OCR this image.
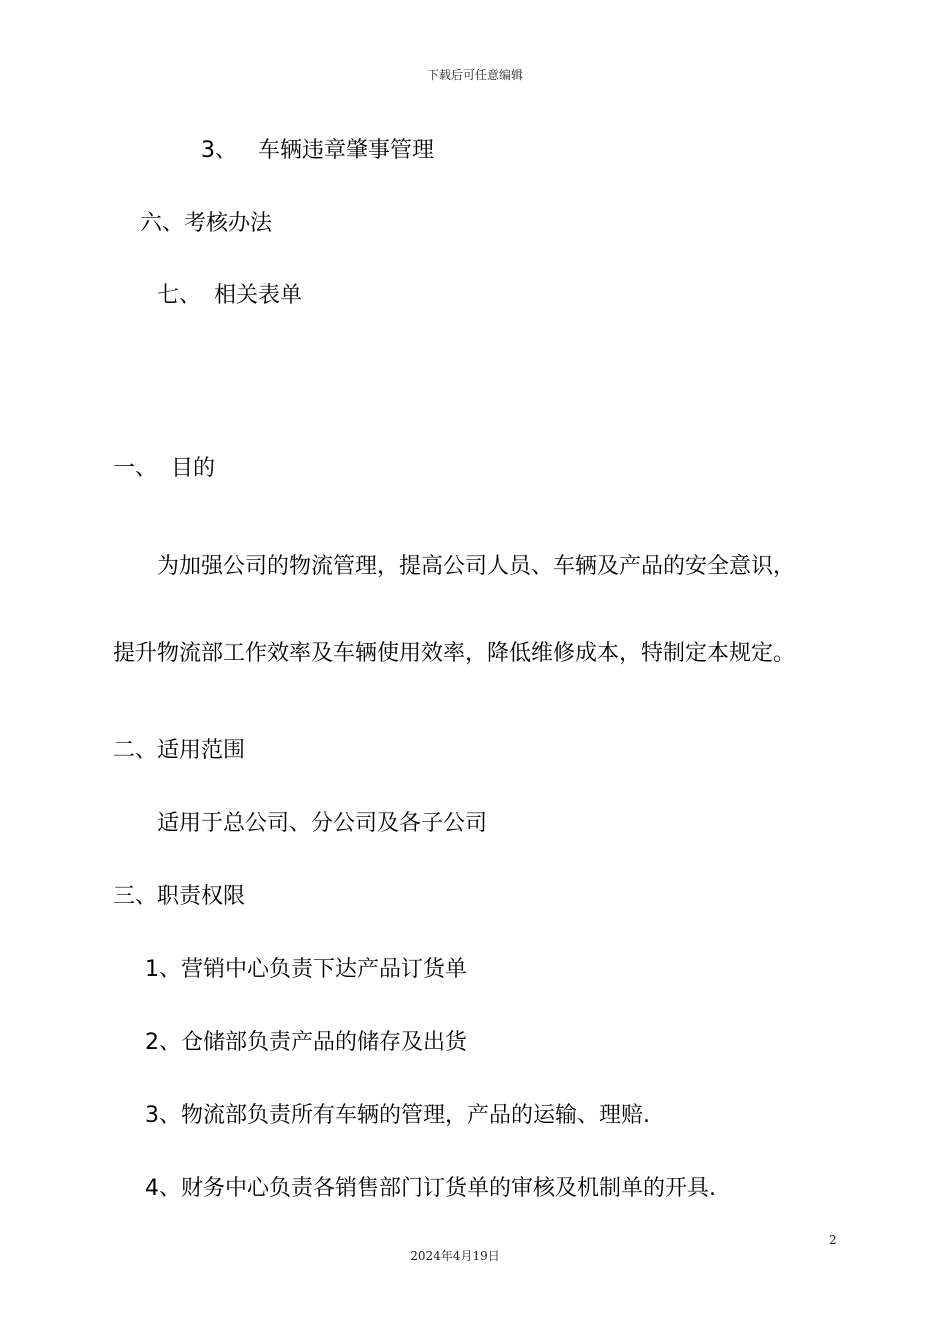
下载后可任意编辑
3、 车辆违章肇事管理
六、考核办法
七、 相关表单
一、 目的
为加强公司的物流管理，提高公司人员、车辆及产品的安全意识，
提升物流部工作效率及车辆使用效率，降低维修成本，特制定本规定。
二、适用范围
适用于总公司、分公司及各子公司
三、职责权限
1、营销中心负责下达产品订货单
2、仓储部负责产品的储存及出货
3、物流部负责所有车辆的管理，产品的运输、理赔.
4、财务中心负责各销售部门订货单的审核及机制单的开具.
2
2024年4月19日
